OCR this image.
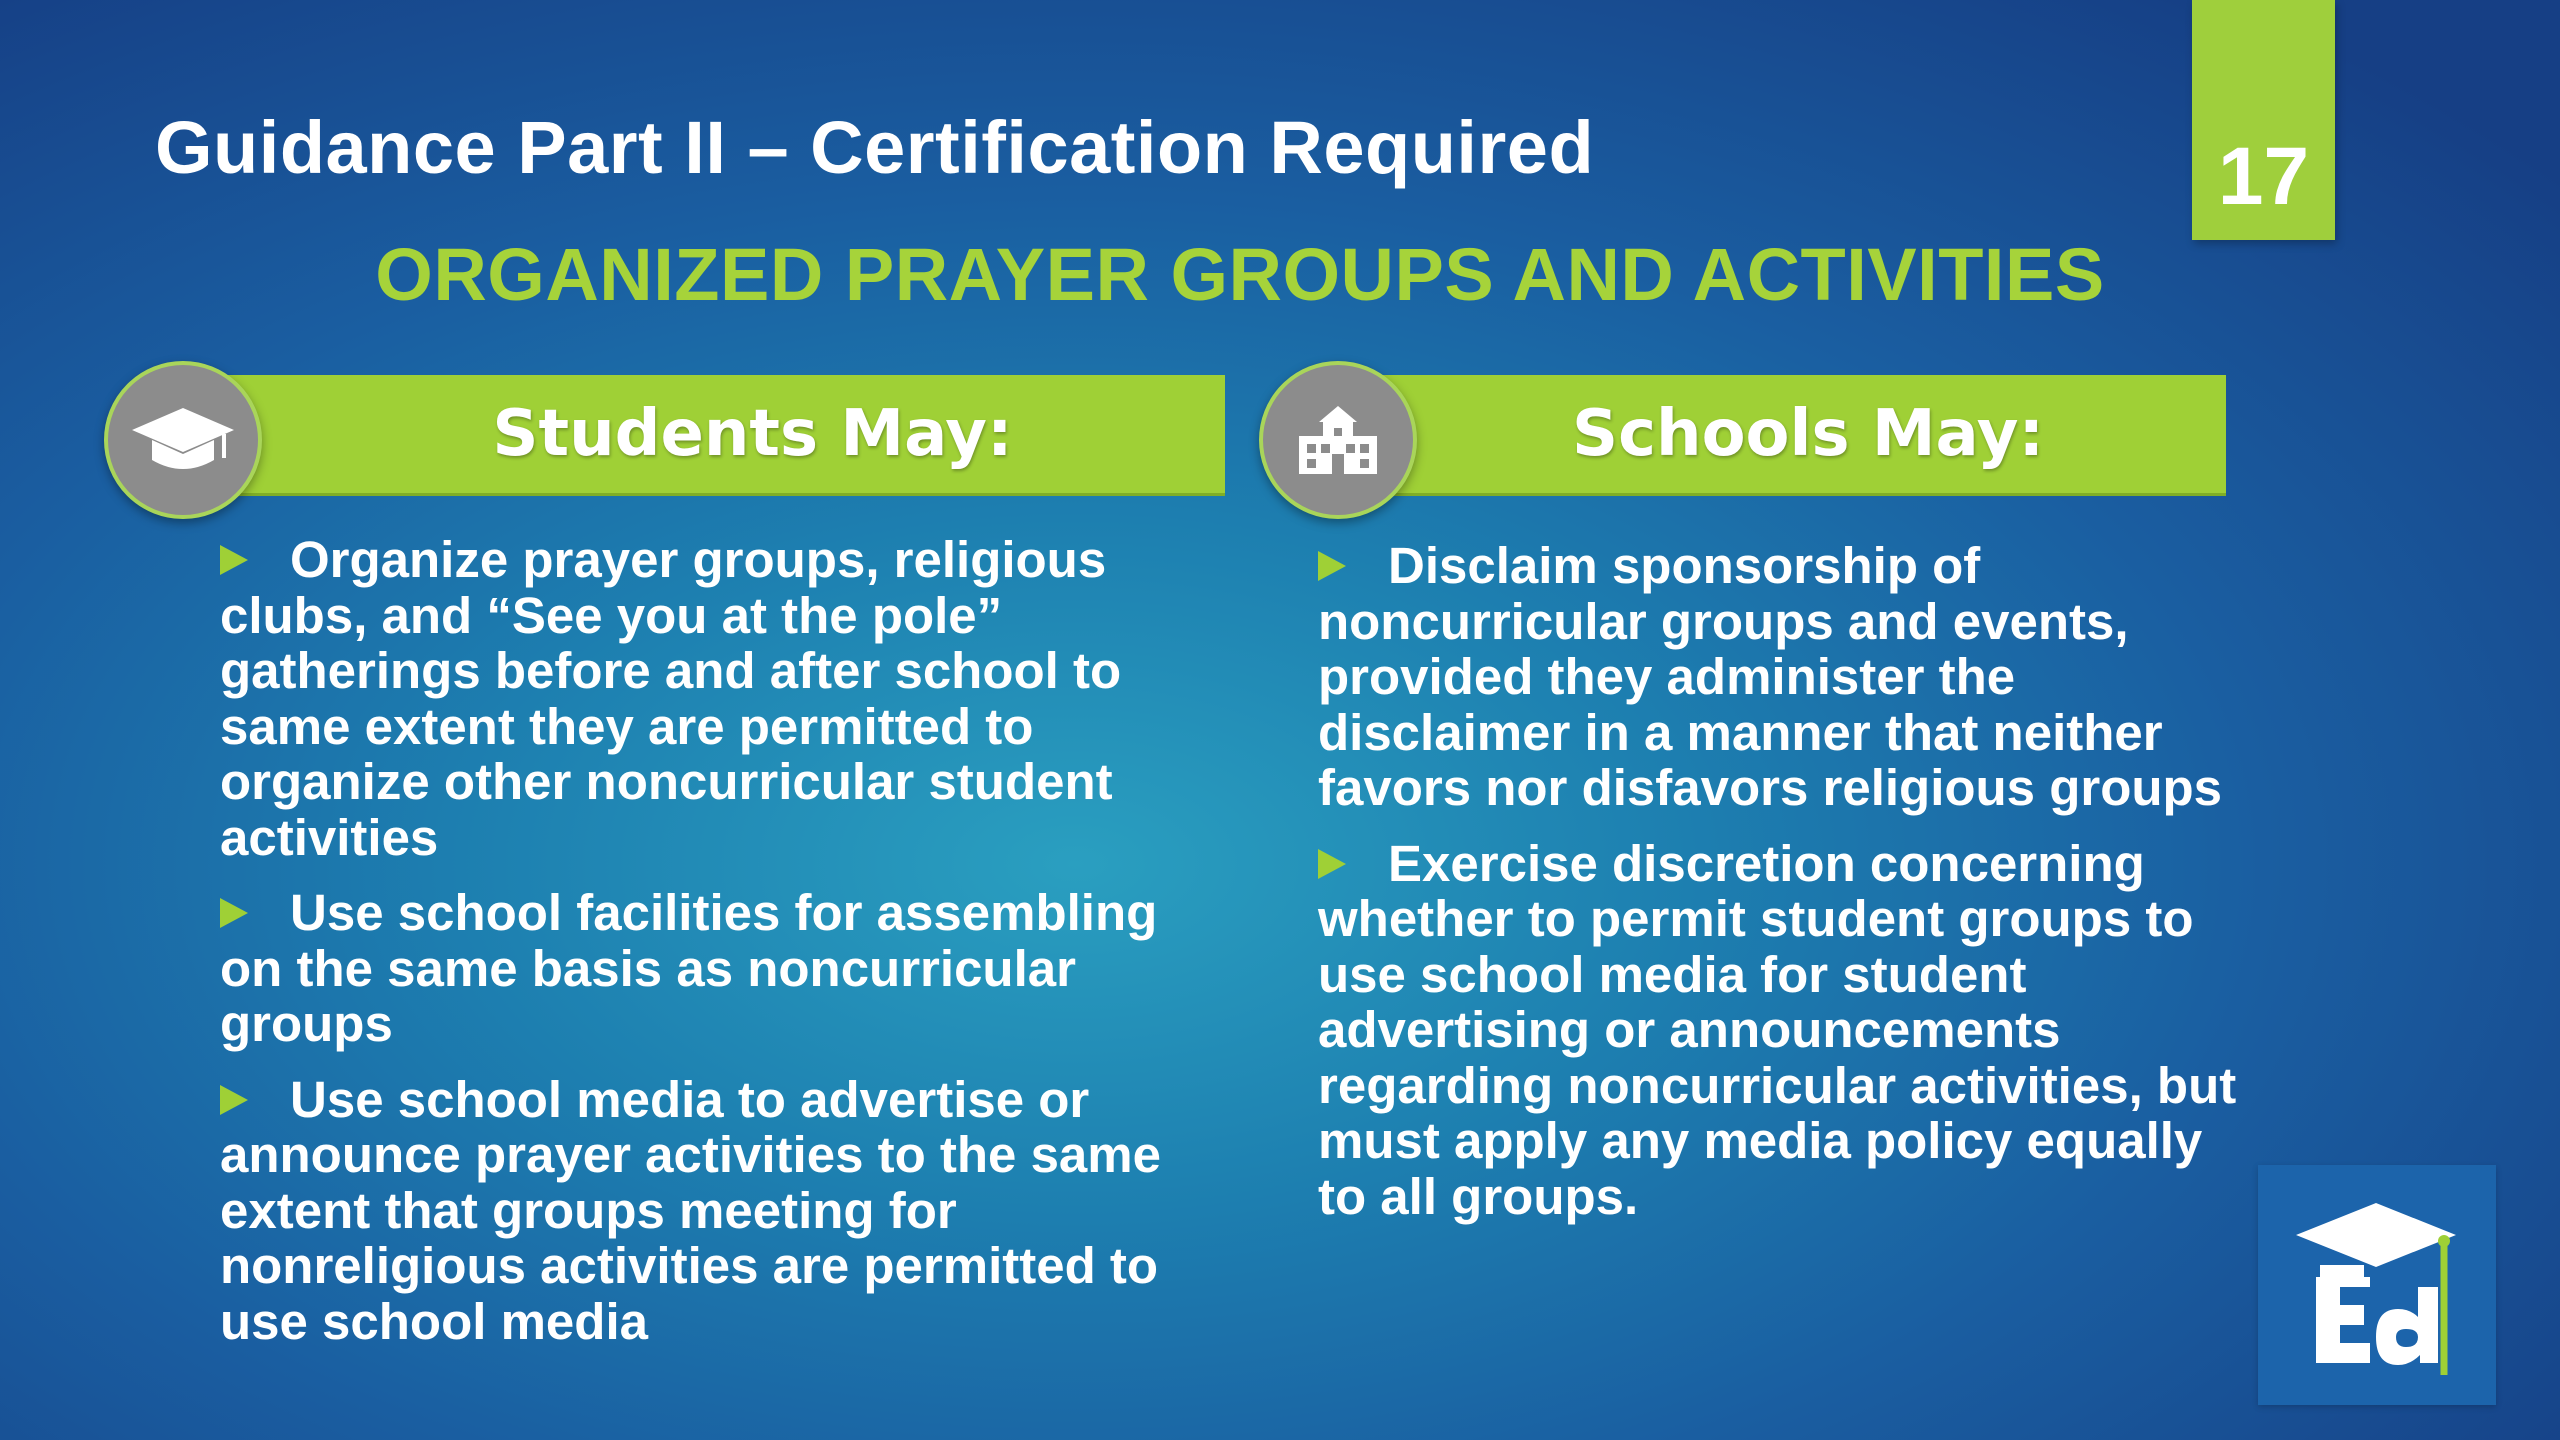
Guidance Part II – Certification Required	17
ORGANIZED PRAYER GROUPS AND ACTIVITIES
Students May:	Schools May:
Organize prayer groups, religious clubs, and “See you at the pole” gatherings before and after school to same extent they are permitted to organize other noncurricular student activities
Use school facilities for assembling on the same basis as noncurricular groups
Use school media to advertise or announce prayer activities to the same extent that groups meeting for nonreligious activities are permitted to use school media
Disclaim sponsorship of noncurricular groups and events, provided they administer the disclaimer in a manner that neither favors nor disfavors religious groups
Exercise discretion concerning whether to permit student groups to use school media for student advertising or announcements regarding noncurricular activities, but must apply any media policy equally to all groups.
